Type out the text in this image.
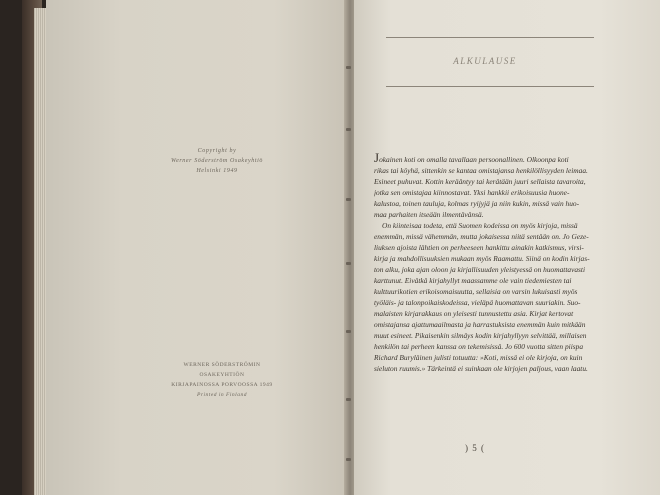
Copyright by
Werner Söderström Osakeyhtiö
Helsinki 1949
WERNER SÖDERSTRÖMIN OSAKEYHTIÖN
KIRJAPAINOSSA PORVOOSSA 1949
Printed in Finland
ALKULAUSE
Jokainen koti on omalla tavallaan persoonallinen. Olkoonpa koti
rikas tai köyhä, sittenkin se kantaa omistajansa henkilöllisyyden leimaa.
Esineet puhuvat. Kottin kerääntyy tai kerätään juuri sellaista tavaroita,
jotka sen omistajaa kiinnostavat. Yksi hankkii erikoisuusia huone-
kalustoa, toinen tauluja, kolmas ryijyjä ja niin kukin, missä vain huo-
maa parhaiten itseään ilmentävänsä.
On kiinteisaa todeta, että Suomen kodeissa on myös kirjoja, missä
enemmän, missä vähemmän, mutta jokaisessa niitä sentään on. Jo Geze-
liuksen ajoista lähtien on perheeseen hankittu ainakin katkismus, virsi-
kirja ja mahdollisuuksien mukaan myös Raamattu. Siinä on kodin kirjas-
ton alku, joka ajan oloon ja kirjallisuuden yleistyessä on huomattavasti
karttunut. Eivätkä kirjahyllyt maassamme ole vain tiedemiesten tai
kulttuurikotien erikoisomaisuutta, sellaisia on varsin lukuisasti myös
työläis- ja talonpoikaiskodeissa, vieläpä huomattavan suuriakin. Suo-
malaisten kirjarakkaus on yleisesti tunnustettu asia. Kirjat kertovat
omistajansa ajattumaailmasta ja harrastuksista enemmän kuin mitkään
muut esineet. Pikaisenkin silmäys kodin kirjahyllyyn selvittää, millaisen
henkilön tai perheen kanssa on tekemisissä. Jo 600 vuotta sitten piispa
Richard Buryläinen julisti totuutta: »Koti, missä ei ole kirjoja, on kuin
sieluton ruumis.» Tärkeintä ei suinkaan ole kirjojen paljous, vaan laatu.
) 5 (
